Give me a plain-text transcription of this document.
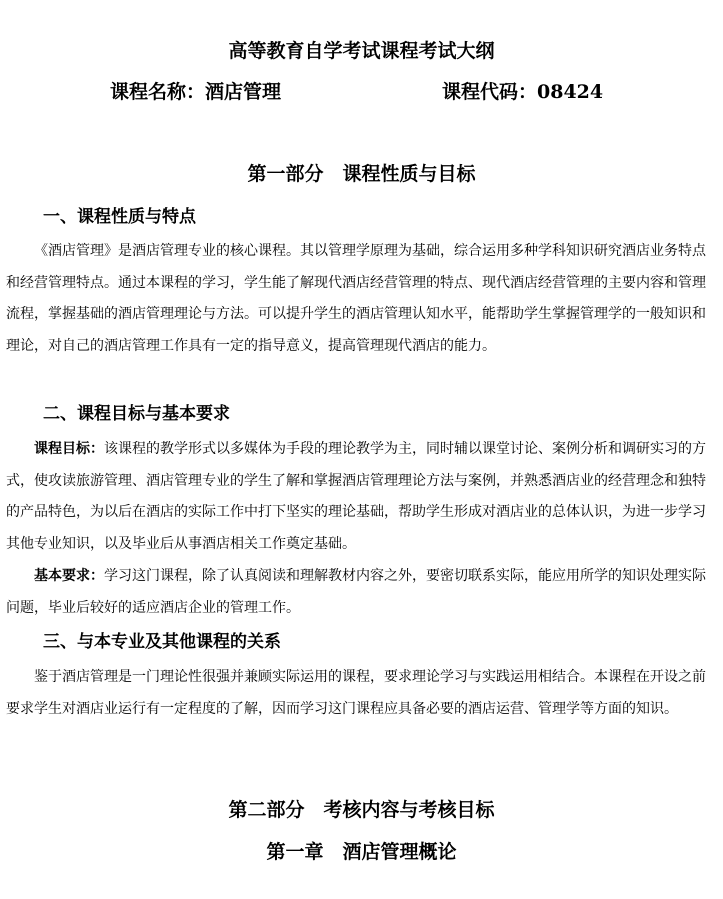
高等教育自学考试课程考试大纲
课程名称：酒店管理	课程代码：08424
第一部分　课程性质与目标
一、课程性质与特点

《酒店管理》是酒店管理专业的核心课程。其以管理学原理为基础，综合运用多种学科知识研究酒店业务特点和经营管理特点。通过本课程的学习，学生能了解现代酒店经营管理的特点、现代酒店经营管理的主要内容和管理流程，掌握基础的酒店管理理论与方法。可以提升学生的酒店管理认知水平，能帮助学生掌握管理学的一般知识和理论，对自己的酒店管理工作具有一定的指导意义，提高管理现代酒店的能力。

二、课程目标与基本要求

课程目标：该课程的教学形式以多媒体为手段的理论教学为主，同时辅以课堂讨论、案例分析和调研实习的方式，使攻读旅游管理、酒店管理专业的学生了解和掌握酒店管理理论方法与案例，并熟悉酒店业的经营理念和独特的产品特色，为以后在酒店的实际工作中打下坚实的理论基础，帮助学生形成对酒店业的总体认识，为进一步学习其他专业知识，以及毕业后从事酒店相关工作奠定基础。

基本要求：学习这门课程，除了认真阅读和理解教材内容之外，要密切联系实际，能应用所学的知识处理实际问题，毕业后较好的适应酒店企业的管理工作。

三、与本专业及其他课程的关系

鉴于酒店管理是一门理论性很强并兼顾实际运用的课程，要求理论学习与实践运用相结合。本课程在开设之前要求学生对酒店业运行有一定程度的了解，因而学习这门课程应具备必要的酒店运营、管理学等方面的知识。

第二部分　考核内容与考核目标
第一章　酒店管理概论
